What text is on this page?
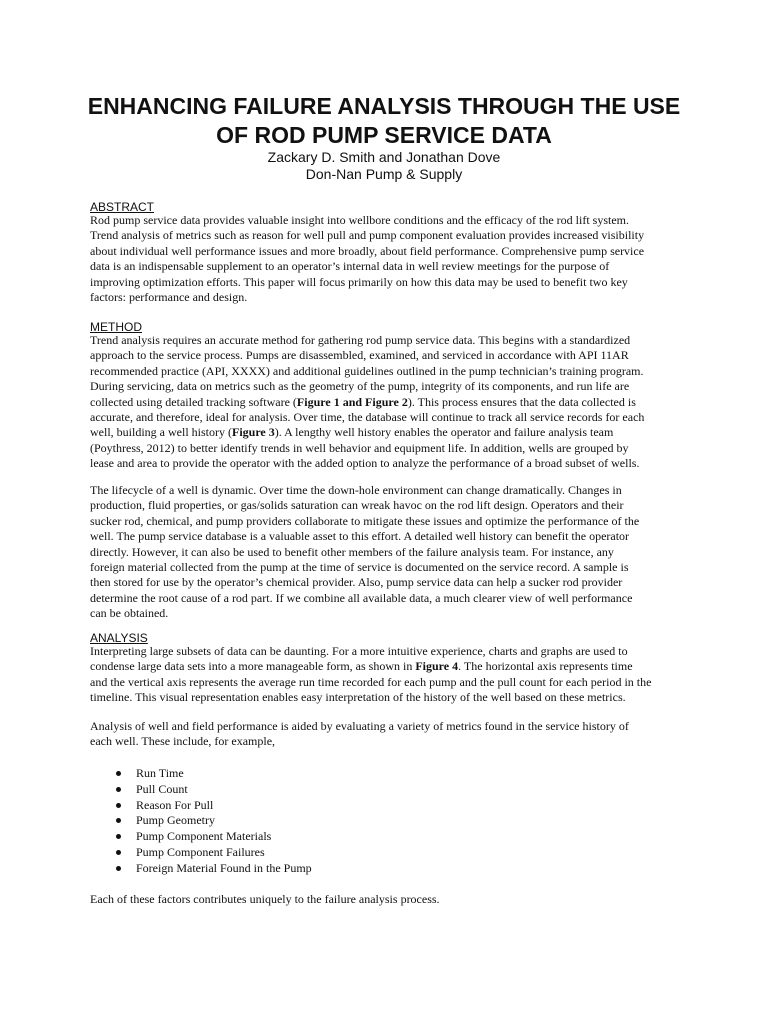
ENHANCING FAILURE ANALYSIS THROUGH THE USE
OF ROD PUMP SERVICE DATA
Zackary D. Smith and Jonathan Dove
Don-Nan Pump & Supply
ABSTRACT
Rod pump service data provides valuable insight into wellbore conditions and the efficacy of the rod lift system.
Trend analysis of metrics such as reason for well pull and pump component evaluation provides increased visibility
about individual well performance issues and more broadly, about field performance. Comprehensive pump service
data is an indispensable supplement to an operator’s internal data in well review meetings for the purpose of
improving optimization efforts. This paper will focus primarily on how this data may be used to benefit two key
factors: performance and design.
METHOD
Trend analysis requires an accurate method for gathering rod pump service data. This begins with a standardized
approach to the service process. Pumps are disassembled, examined, and serviced in accordance with API 11AR
recommended practice (API, XXXX) and additional guidelines outlined in the pump technician’s training program.
During servicing, data on metrics such as the geometry of the pump, integrity of its components, and run life are
collected using detailed tracking software (Figure 1 and Figure 2). This process ensures that the data collected is
accurate, and therefore, ideal for analysis. Over time, the database will continue to track all service records for each
well, building a well history (Figure 3). A lengthy well history enables the operator and failure analysis team
(Poythress, 2012) to better identify trends in well behavior and equipment life. In addition, wells are grouped by
lease and area to provide the operator with the added option to analyze the performance of a broad subset of wells.
The lifecycle of a well is dynamic. Over time the down-hole environment can change dramatically. Changes in
production, fluid properties, or gas/solids saturation can wreak havoc on the rod lift design. Operators and their
sucker rod, chemical, and pump providers collaborate to mitigate these issues and optimize the performance of the
well. The pump service database is a valuable asset to this effort. A detailed well history can benefit the operator
directly. However, it can also be used to benefit other members of the failure analysis team. For instance, any
foreign material collected from the pump at the time of service is documented on the service record. A sample is
then stored for use by the operator’s chemical provider. Also, pump service data can help a sucker rod provider
determine the root cause of a rod part. If we combine all available data, a much clearer view of well performance
can be obtained.
ANALYSIS
Interpreting large subsets of data can be daunting. For a more intuitive experience, charts and graphs are used to
condense large data sets into a more manageable form, as shown in Figure 4. The horizontal axis represents time
and the vertical axis represents the average run time recorded for each pump and the pull count for each period in the
timeline. This visual representation enables easy interpretation of the history of the well based on these metrics.
Analysis of well and field performance is aided by evaluating a variety of metrics found in the service history of
each well. These include, for example,
Run Time
Pull Count
Reason For Pull
Pump Geometry
Pump Component Materials
Pump Component Failures
Foreign Material Found in the Pump
Each of these factors contributes uniquely to the failure analysis process.
